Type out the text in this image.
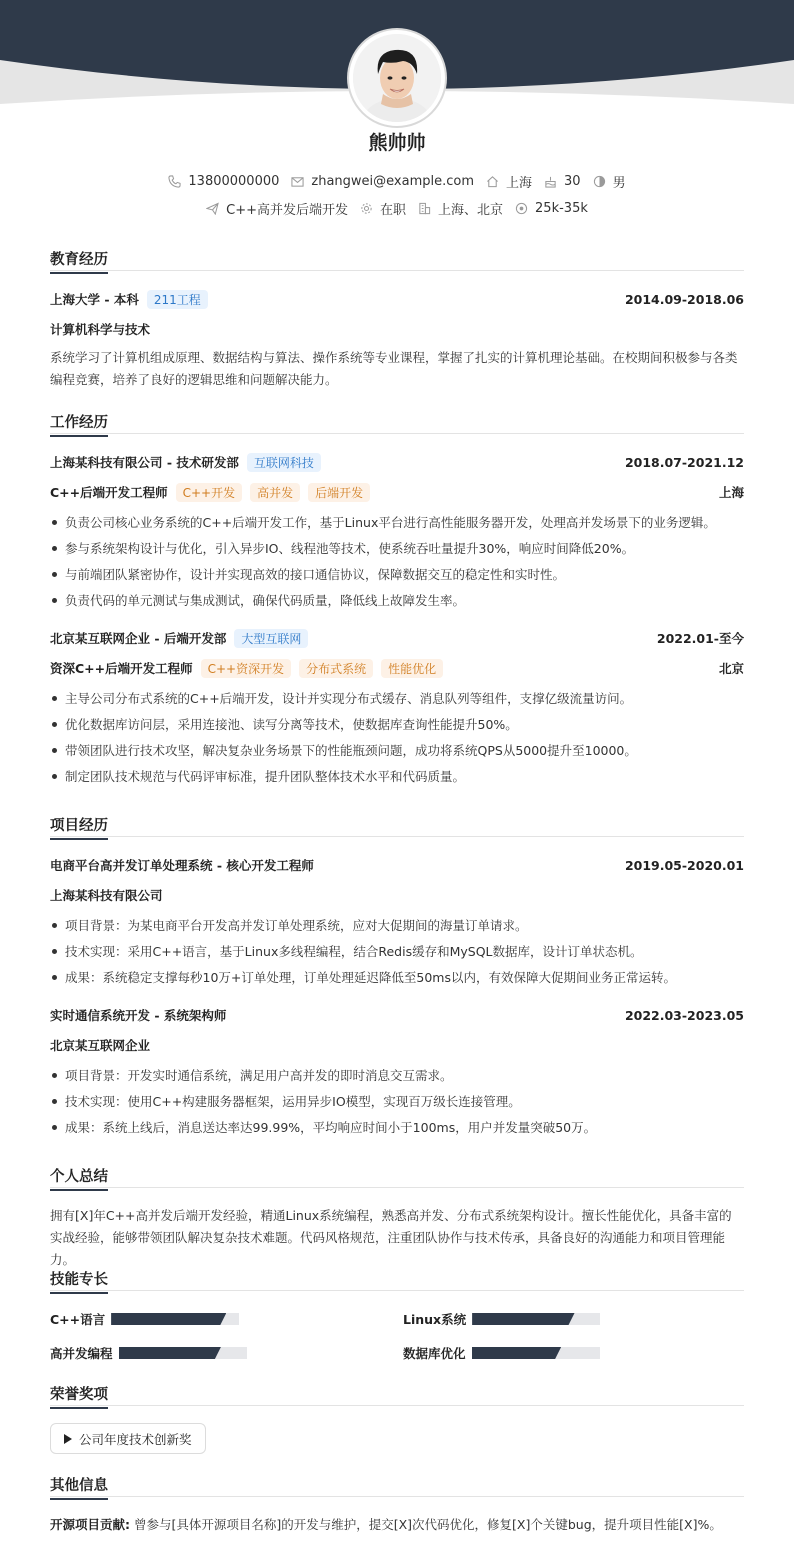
熊帅帅
13800000000 zhangwei@example.com 上海 30 男
C++高并发后端开发 在职 上海、北京 25k-35k
教育经历
上海大学 - 本科	211工程	2014.09-2018.06
计算机科学与技术
系统学习了计算机组成原理、数据结构与算法、操作系统等专业课程，掌握了扎实的计算机理论基础。在校期间积极参与各类编程竞赛，培养了良好的逻辑思维和问题解决能力。
工作经历
上海某科技有限公司 - 技术研发部	互联网科技	2018.07-2021.12
C++后端开发工程师	C++开发	高并发	后端开发	上海
负责公司核心业务系统的C++后端开发工作，基于Linux平台进行高性能服务器开发，处理高并发场景下的业务逻辑。
参与系统架构设计与优化，引入异步IO、线程池等技术，使系统吞吐量提升30%，响应时间降低20%。
与前端团队紧密协作，设计并实现高效的接口通信协议，保障数据交互的稳定性和实时性。
负责代码的单元测试与集成测试，确保代码质量，降低线上故障发生率。
北京某互联网企业 - 后端开发部	大型互联网	2022.01-至今
资深C++后端开发工程师	C++资深开发	分布式系统	性能优化	北京
主导公司分布式系统的C++后端开发，设计并实现分布式缓存、消息队列等组件，支撑亿级流量访问。
优化数据库访问层，采用连接池、读写分离等技术，使数据库查询性能提升50%。
带领团队进行技术攻坚，解决复杂业务场景下的性能瓶颈问题，成功将系统QPS从5000提升至10000。
制定团队技术规范与代码评审标准，提升团队整体技术水平和代码质量。
项目经历
电商平台高并发订单处理系统 - 核心开发工程师	2019.05-2020.01
上海某科技有限公司
项目背景：为某电商平台开发高并发订单处理系统，应对大促期间的海量订单请求。
技术实现：采用C++语言，基于Linux多线程编程，结合Redis缓存和MySQL数据库，设计订单状态机。
成果：系统稳定支撑每秒10万+订单处理，订单处理延迟降低至50ms以内，有效保障大促期间业务正常运转。
实时通信系统开发 - 系统架构师	2022.03-2023.05
北京某互联网企业
项目背景：开发实时通信系统，满足用户高并发的即时消息交互需求。
技术实现：使用C++构建服务器框架，运用异步IO模型，实现百万级长连接管理。
成果：系统上线后，消息送达率达99.99%，平均响应时间小于100ms，用户并发量突破50万。
个人总结
拥有[X]年C++高并发后端开发经验，精通Linux系统编程，熟悉高并发、分布式系统架构设计。擅长性能优化，具备丰富的实战经验，能够带领团队解决复杂技术难题。代码风格规范，注重团队协作与技术传承，具备良好的沟通能力和项目管理能力。
技能专长
C++语言	Linux系统
高并发编程	数据库优化
荣誉奖项
公司年度技术创新奖
其他信息
开源项目贡献: 曾参与[具体开源项目名称]的开发与维护，提交[X]次代码优化，修复[X]个关键bug，提升项目性能[X]%。
